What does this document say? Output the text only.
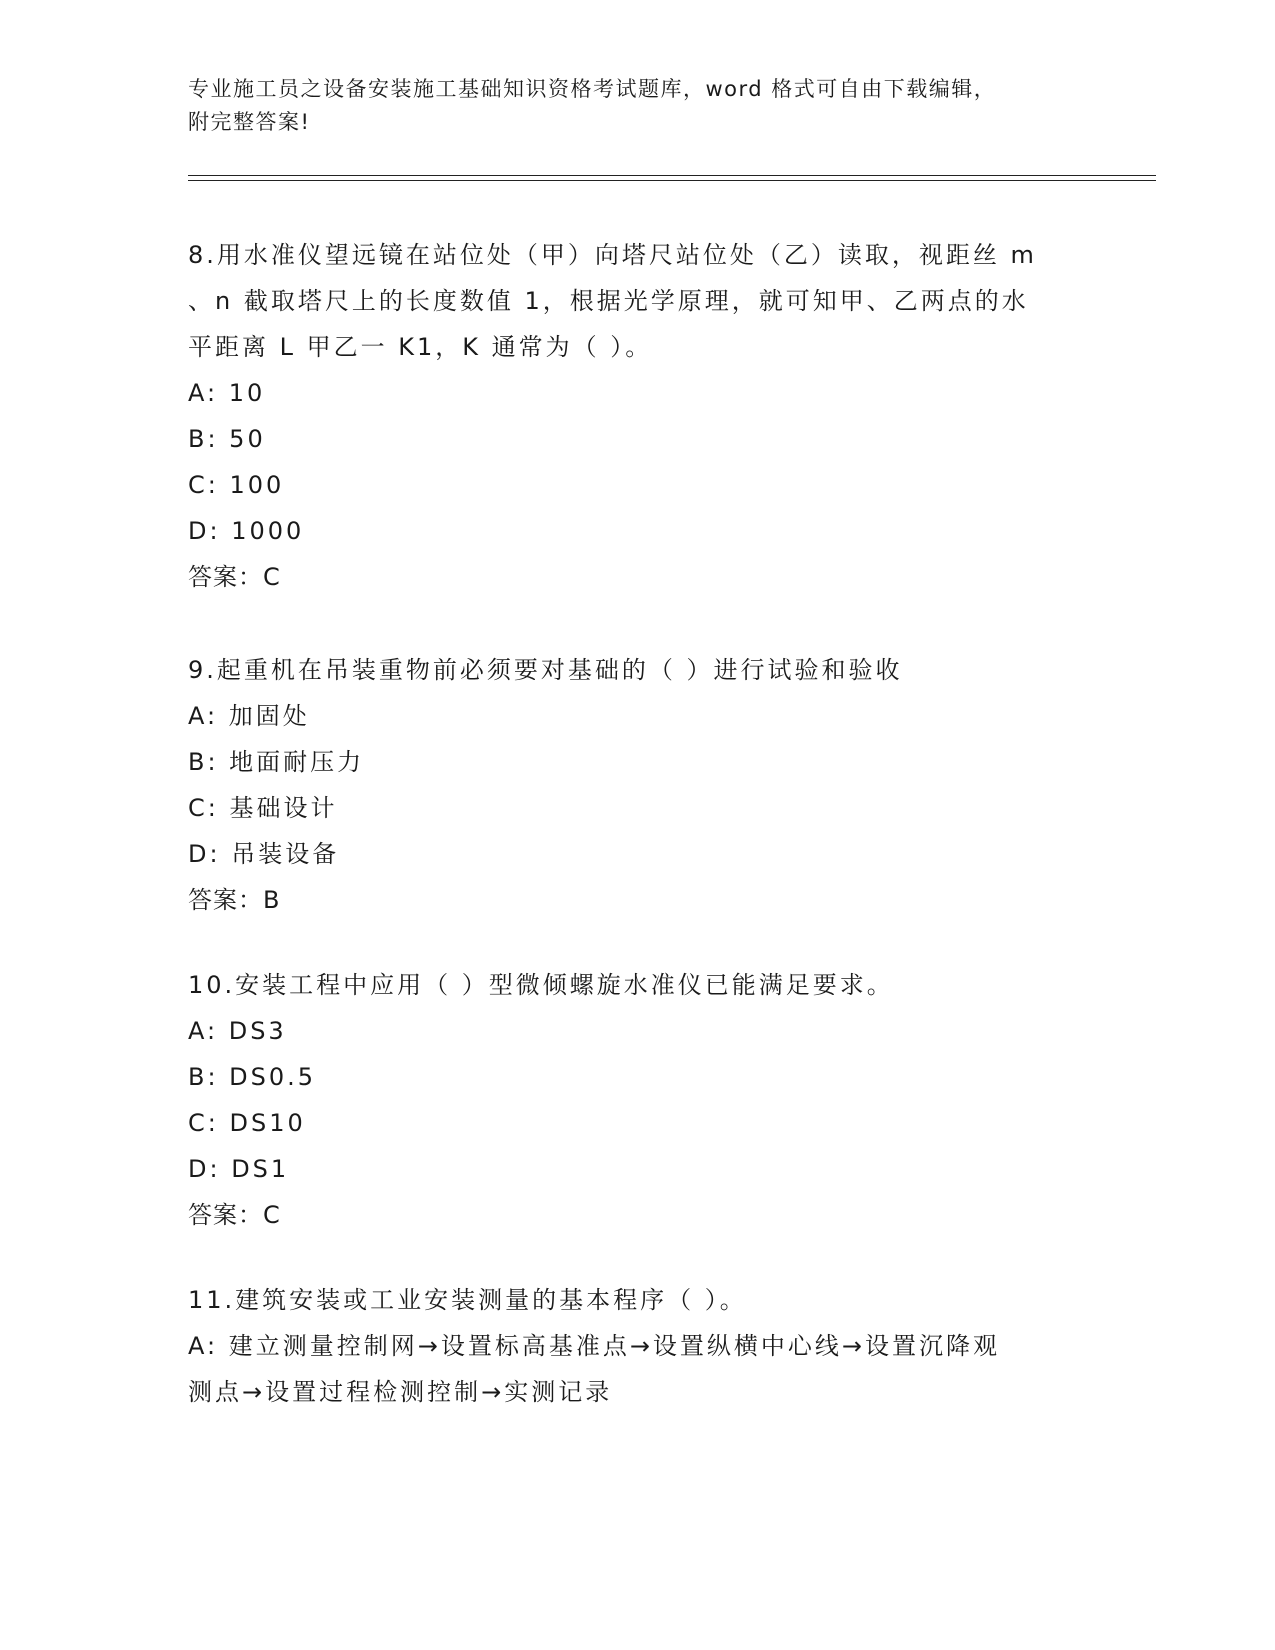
专业施工员之设备安装施工基础知识资格考试题库，word 格式可自由下载编辑，
附完整答案!
8.用水准仪望远镜在站位处（甲）向塔尺站位处（乙）读取，视距丝 m
、n 截取塔尺上的长度数值 1，根据光学原理，就可知甲、乙两点的水
平距离 L 甲乙一 K1，K 通常为（ ）。
A: 10
B: 50
C: 100
D: 1000
答案：C
9.起重机在吊装重物前必须要对基础的（ ）进行试验和验收
A: 加固处
B: 地面耐压力
C: 基础设计
D: 吊装设备
答案：B
10.安装工程中应用（ ）型微倾螺旋水准仪已能满足要求。
A: DS3
B: DS0.5
C: DS10
D: DS1
答案：C
11.建筑安装或工业安装测量的基本程序（ ）。
A: 建立测量控制网→设置标高基准点→设置纵横中心线→设置沉降观
测点→设置过程检测控制→实测记录
